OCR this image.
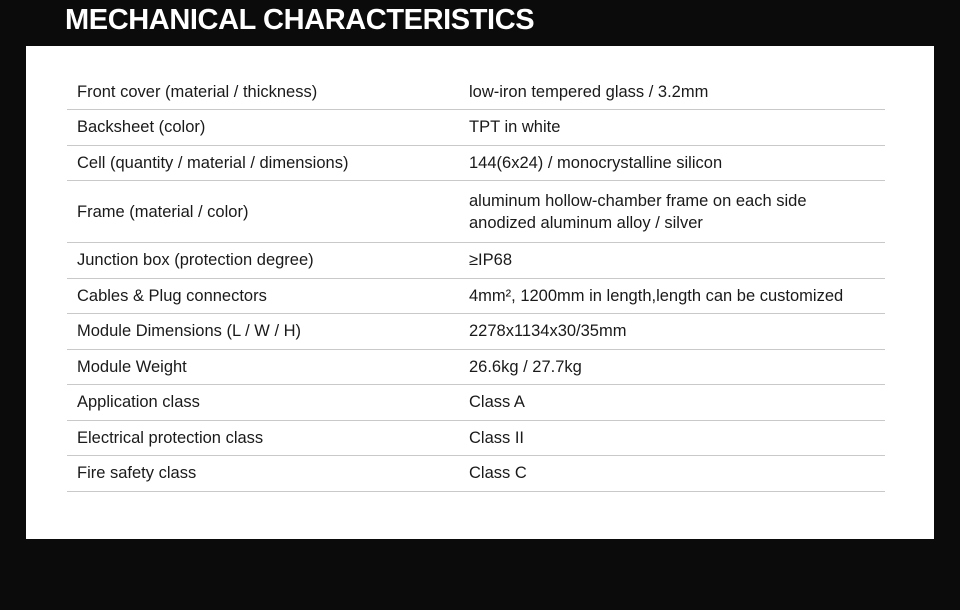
MECHANICAL CHARACTERISTICS
Front cover (material / thickness)	low-iron tempered glass / 3.2mm

Backsheet (color)	TPT in white

Cell (quantity / material / dimensions)	144(6x24) / monocrystalline silicon

Frame (material / color)	aluminum hollow-chamber frame on each side
anodized aluminum alloy / silver

Junction box (protection degree)	≥IP68

Cables & Plug connectors	4mm², 1200mm in length,length can be customized

Module Dimensions (L / W / H)	2278x1134x30/35mm

Module Weight	26.6kg / 27.7kg

Application class	Class A

Electrical protection class	Class II

Fire safety class	Class C
